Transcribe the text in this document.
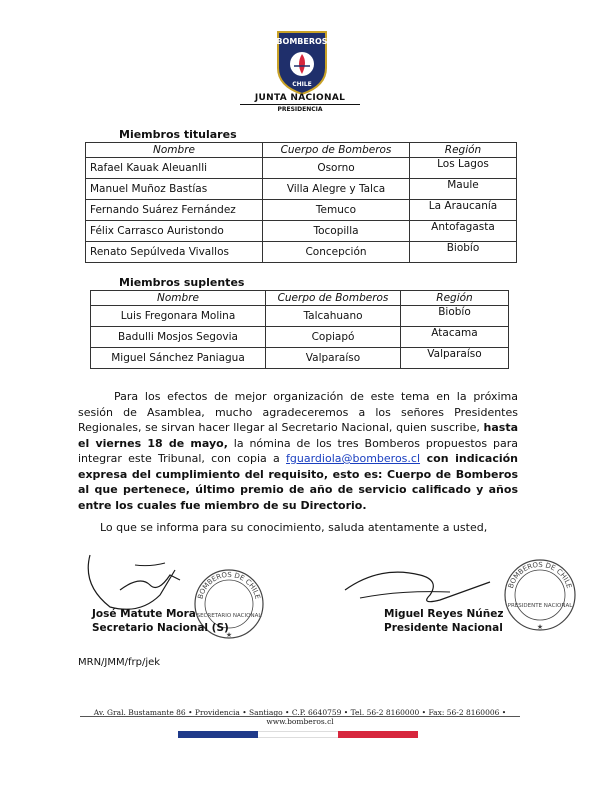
BOMBEROS
CHILE
JUNTA NACIONAL
PRESIDENCIA
Miembros titulares
Nombre	Cuerpo de Bomberos	Región
Rafael Kauak Aleuanlli	Osorno	Los Lagos
Manuel Muñoz Bastías	Villa Alegre y Talca	Maule
Fernando Suárez Fernández	Temuco	La Araucanía
Félix Carrasco Auristondo	Tocopilla	Antofagasta
Renato Sepúlveda Vivallos	Concepción	Biobío
Miembros suplentes
Nombre	Cuerpo de Bomberos	Región
Luis Fregonara Molina	Talcahuano	Biobío
Badulli Mosjos Segovia	Copiapó	Atacama
Miguel Sánchez Paniagua	Valparaíso	Valparaíso
Para los efectos de mejor organización de este tema en la próxima sesión de Asamblea, mucho agradeceremos a los señores Presidentes Regionales, se sirvan hacer llegar al Secretario Nacional, quien suscribe, hasta el viernes 18 de mayo, la nómina de los tres Bomberos propuestos para integrar este Tribunal, con copia a fguardiola@bomberos.cl con indicación expresa del cumplimiento del requisito, esto es: Cuerpo de Bomberos al que pertenece, último premio de año de servicio calificado y años entre los cuales fue miembro de su Directorio.
Lo que se informa para su conocimiento, saluda atentamente a usted,
BOMBEROS DE CHILE
SECRETARIO NACIONAL
★
José Matute Mora
Secretario Nacional (S)
BOMBEROS DE CHILE
PRESIDENTE NACIONAL
★
Miguel Reyes Núñez
Presidente Nacional
MRN/JMM/frp/jek
Av. Gral. Bustamante 86 • Providencia • Santiago • C.P. 6640759 • Tel. 56-2 8160000 • Fax: 56-2 8160006 • www.bomberos.cl
